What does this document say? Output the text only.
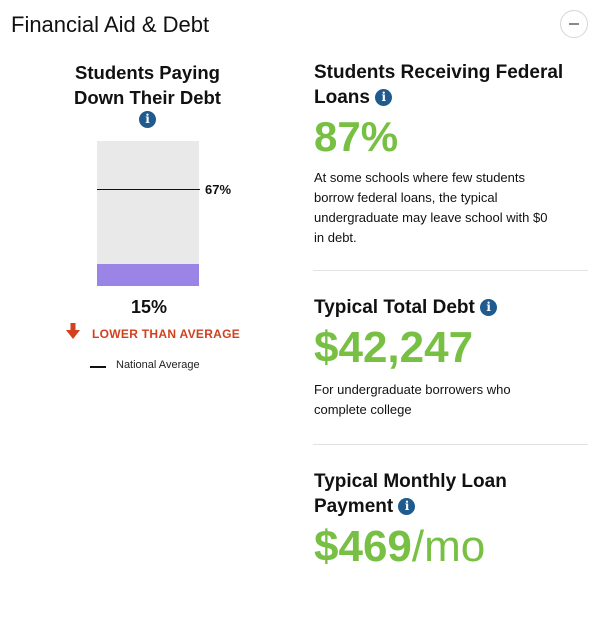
Financial Aid & Debt
Students Paying
Down Their Debt
i
67%
15%
LOWER THAN AVERAGE
National Average
Students Receiving Federal
Loans i
87%
At some schools where few students
borrow federal loans, the typical
undergraduate may leave school with $0
in debt.
Typical Total Debt i
$42,247
For undergraduate borrowers who
complete college
Typical Monthly Loan
Payment i
$469/mo
